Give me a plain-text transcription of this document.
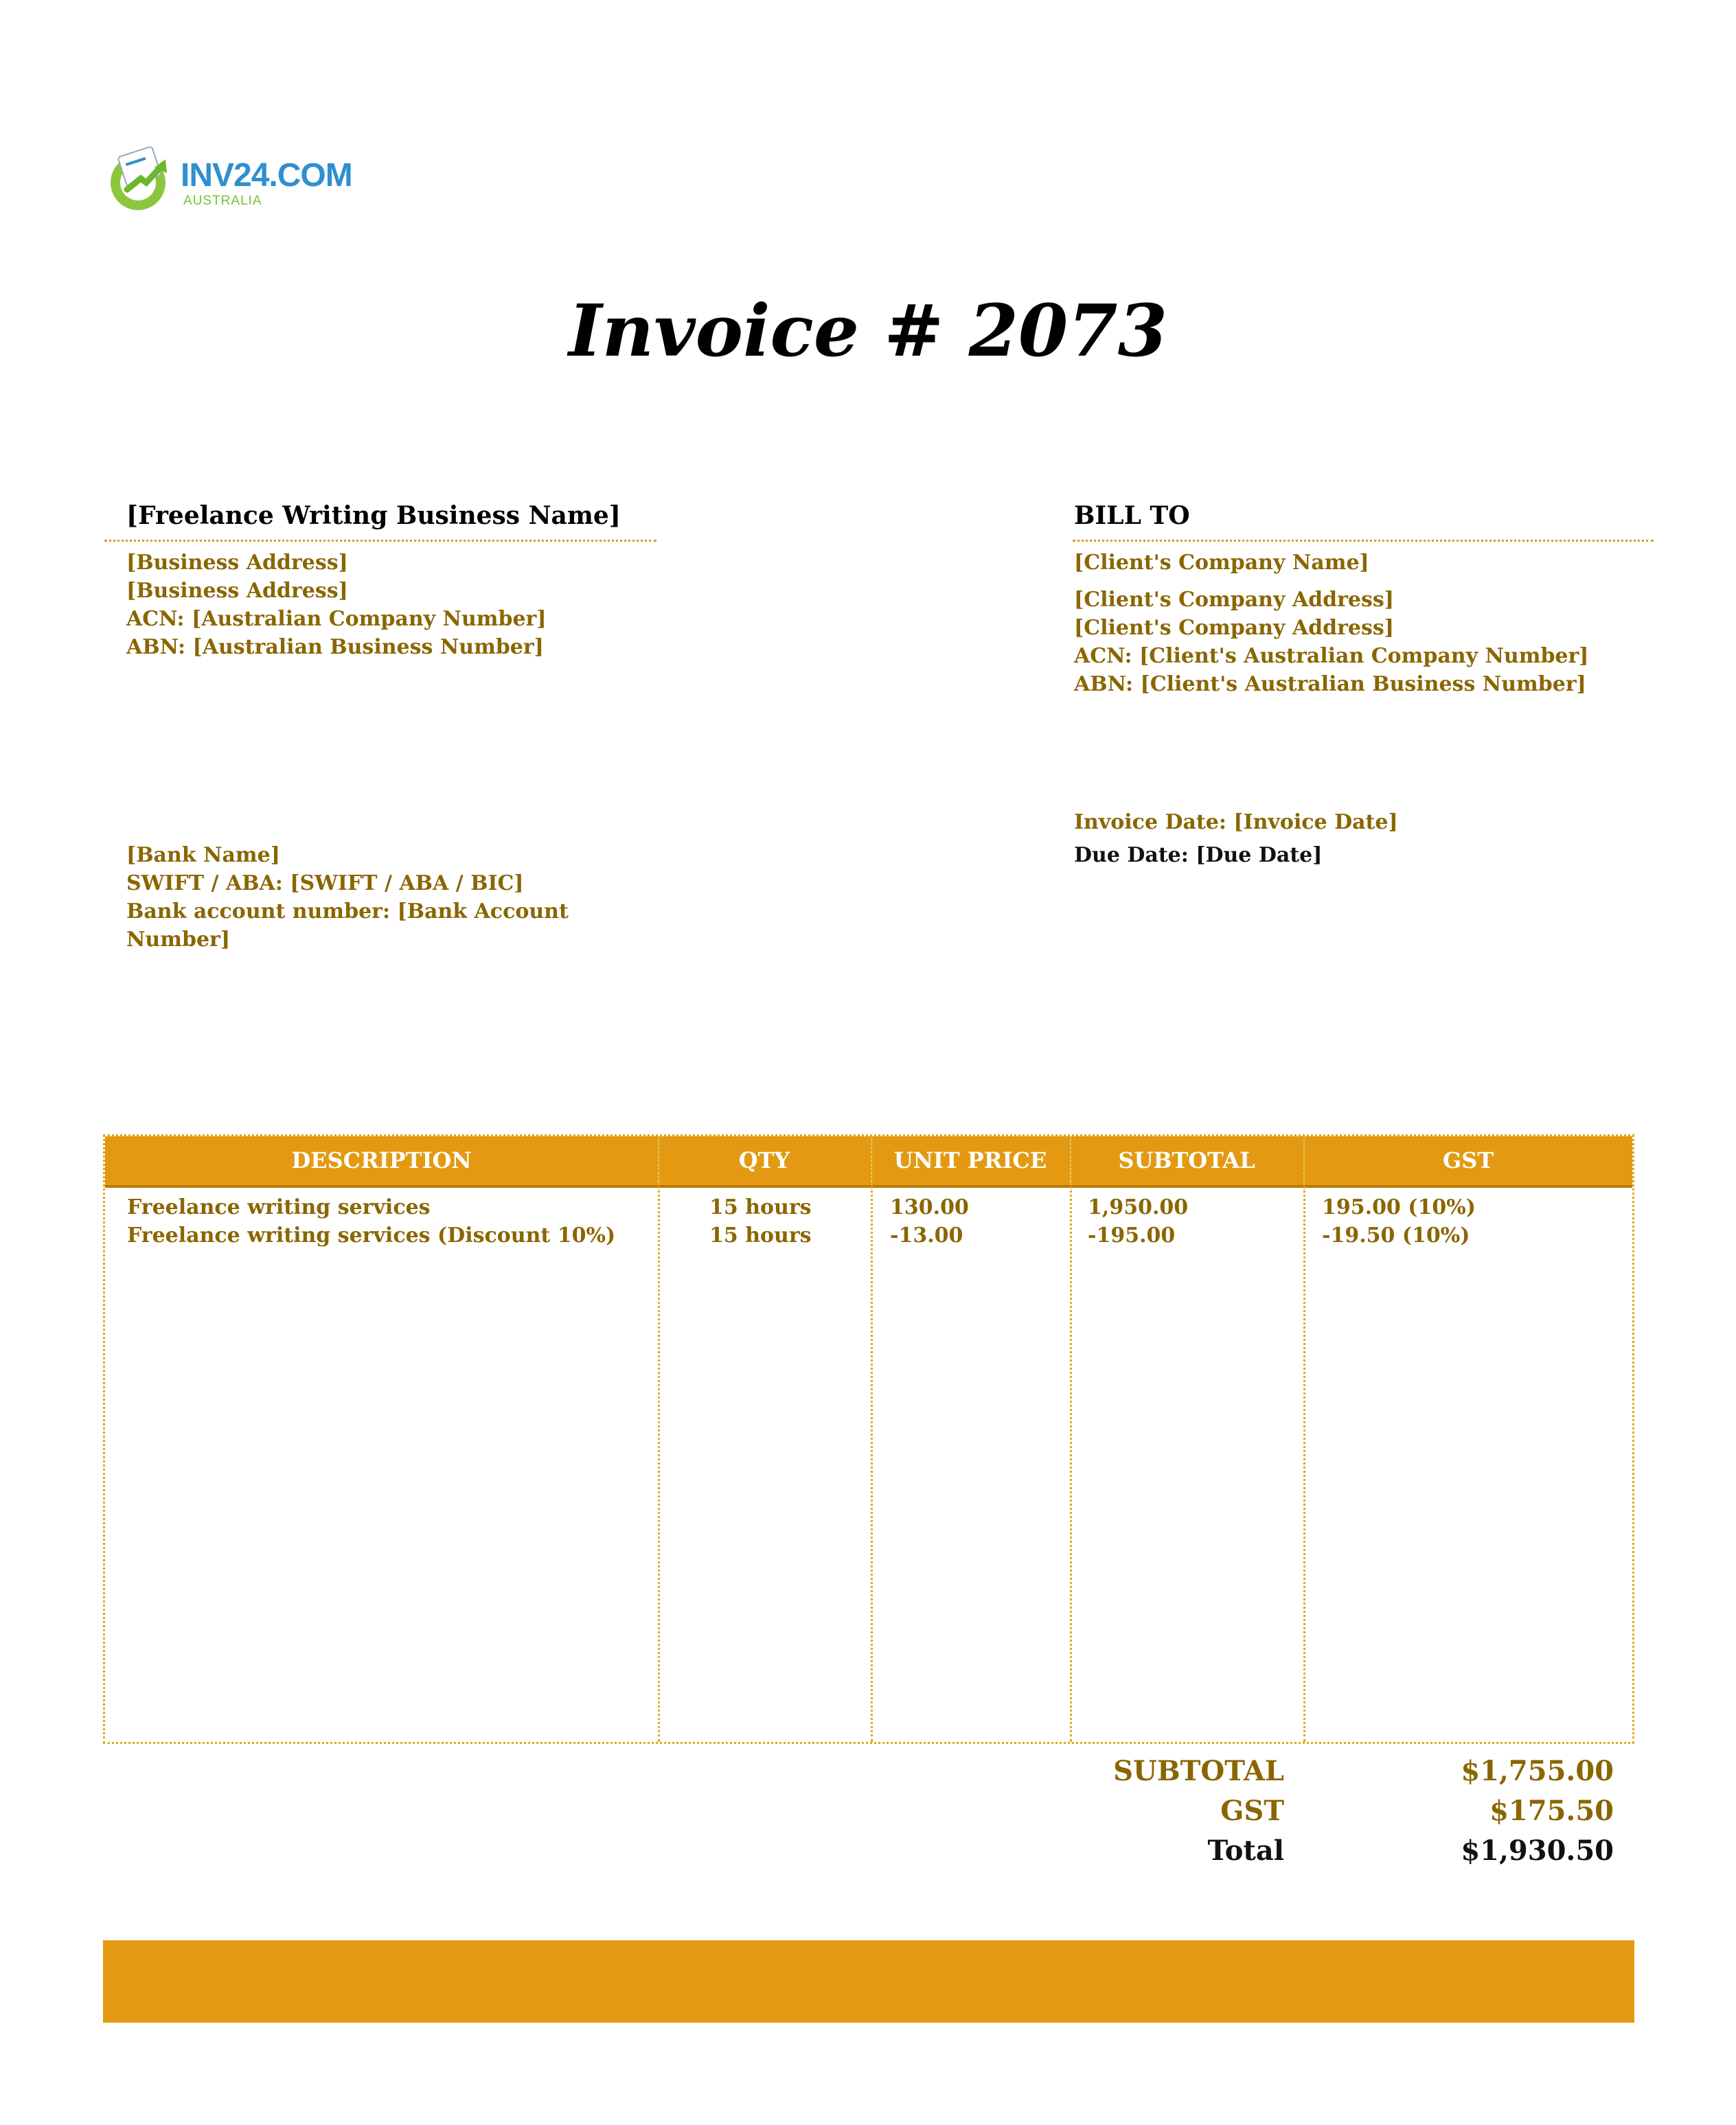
INV24.COM
AUSTRALIA
Invoice # 2073
[Freelance Writing Business Name]
[Business Address]
[Business Address]
ACN: [Australian Company Number]
ABN: [Australian Business Number]
BILL TO
[Client's Company Name]
[Client's Company Address]
[Client's Company Address]
ACN: [Client's Australian Company Number]
ABN: [Client's Australian Business Number]
[Bank Name]
SWIFT / ABA: [SWIFT / ABA / BIC]
Bank account number: [Bank Account
Number]
Invoice Date: [Invoice Date]
Due Date: [Due Date]
DESCRIPTION	QTY	UNIT PRICE	SUBTOTAL	GST
Freelance writing services	15 hours	130.00	1,950.00	195.00 (10%)
Freelance writing services (Discount 10%)	15 hours	-13.00	-195.00	-19.50 (10%)
SUBTOTAL	$1,755.00
GST	$175.50
Total	$1,930.50
